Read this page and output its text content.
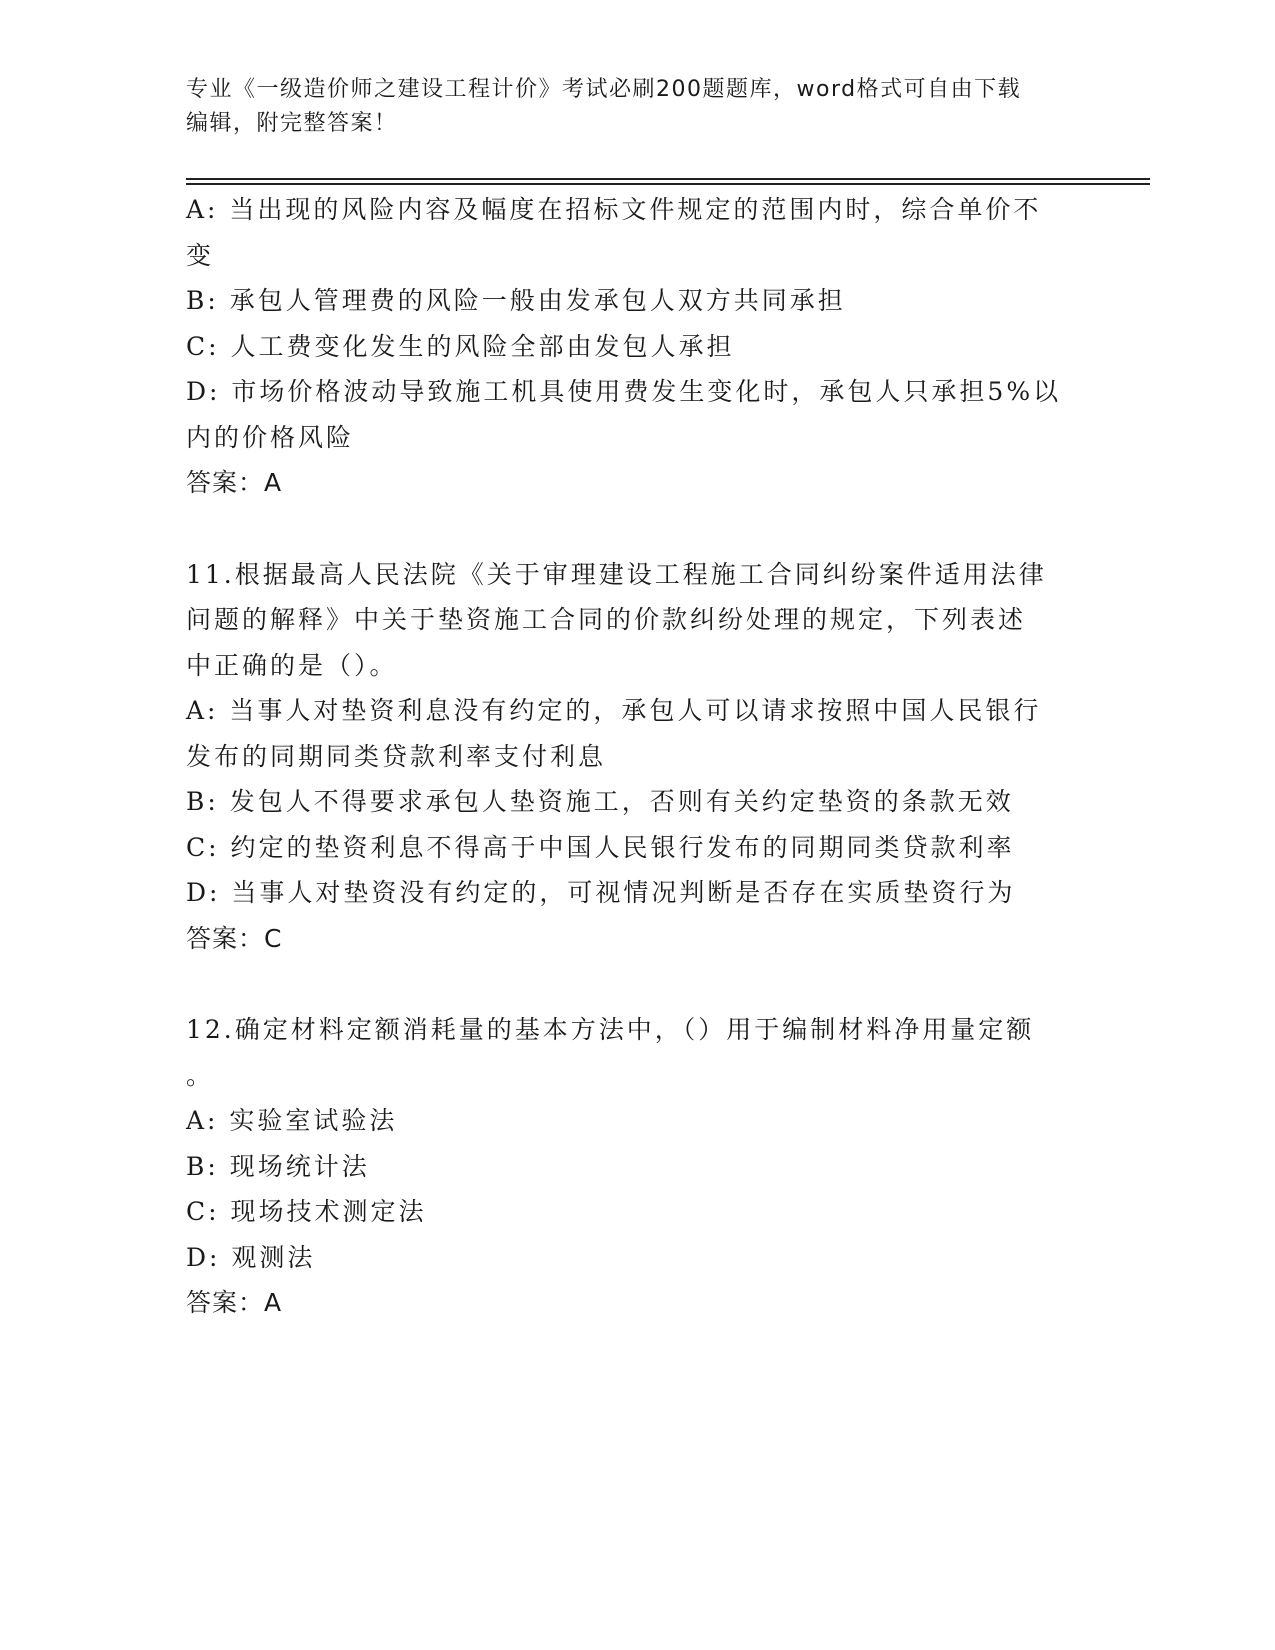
专业《一级造价师之建设工程计价》考试必刷200题题库，word格式可自由下载
编辑，附完整答案！

A: 当出现的风险内容及幅度在招标文件规定的范围内时，综合单价不

变

B: 承包人管理费的风险一般由发承包人双方共同承担

C: 人工费变化发生的风险全部由发包人承担

D: 市场价格波动导致施工机具使用费发生变化时，承包人只承担5%以

内的价格风险

答案：A

11.根据最高人民法院《关于审理建设工程施工合同纠纷案件适用法律

问题的解释》中关于垫资施工合同的价款纠纷处理的规定，下列表述

中正确的是（）。

A: 当事人对垫资利息没有约定的，承包人可以请求按照中国人民银行

发布的同期同类贷款利率支付利息

B: 发包人不得要求承包人垫资施工，否则有关约定垫资的条款无效

C: 约定的垫资利息不得高于中国人民银行发布的同期同类贷款利率

D: 当事人对垫资没有约定的，可视情况判断是否存在实质垫资行为

答案：C

12.确定材料定额消耗量的基本方法中，（）用于编制材料净用量定额

。

A: 实验室试验法

B: 现场统计法

C: 现场技术测定法

D: 观测法

答案：A
